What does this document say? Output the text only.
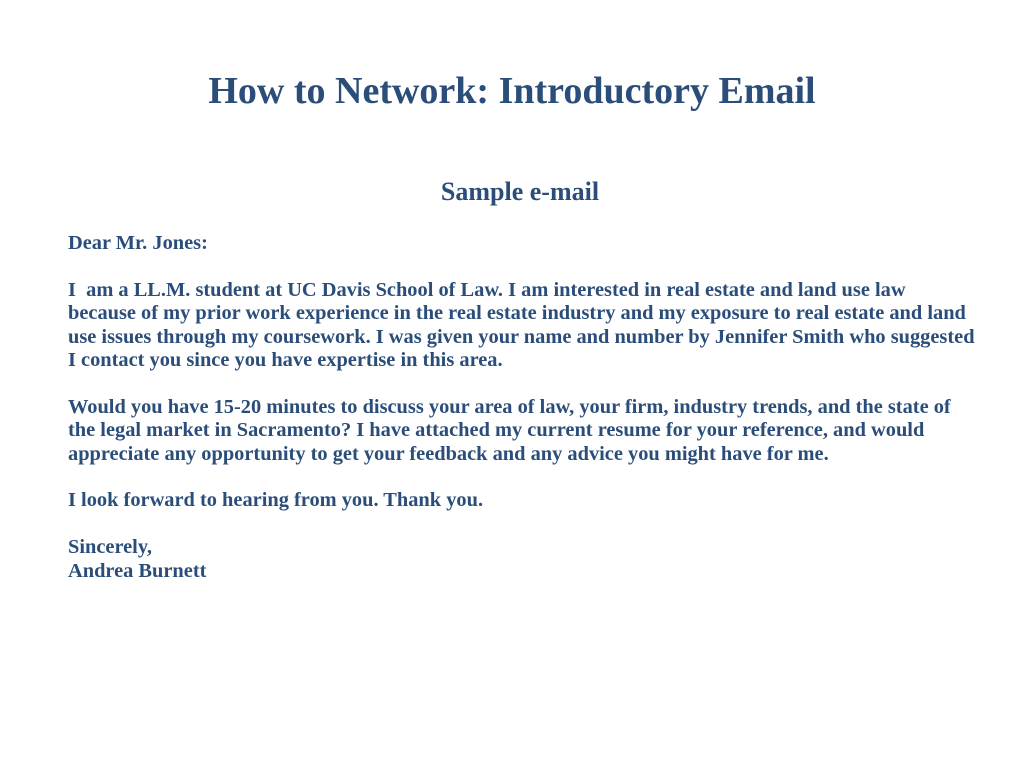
How to Network: Introductory Email
Sample e-mail

Dear Mr. Jones:

I  am a LL.M. student at UC Davis School of Law. I am interested in real estate and land use law because of my prior work experience in the real estate industry and my exposure to real estate and land use issues through my coursework. I was given your name and number by Jennifer Smith who suggested I contact you since you have expertise in this area.

Would you have 15-20 minutes to discuss your area of law, your firm, industry trends, and the state of the legal market in Sacramento? I have attached my current resume for your reference, and would appreciate any opportunity to get your feedback and any advice you might have for me.

I look forward to hearing from you. Thank you.

Sincerely,
Andrea Burnett
